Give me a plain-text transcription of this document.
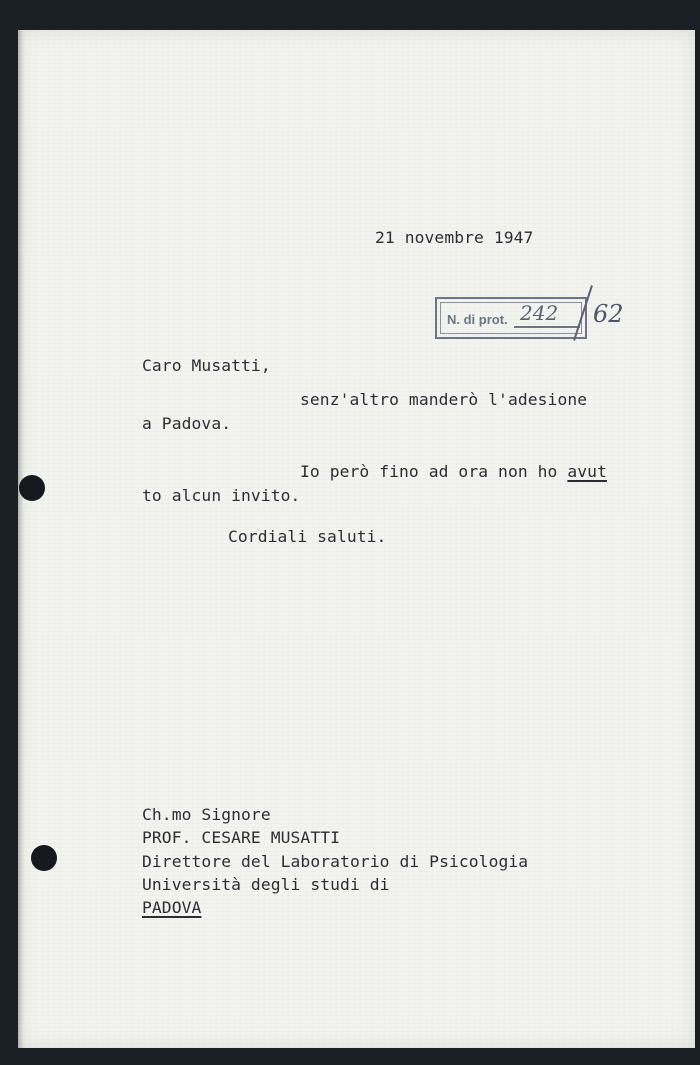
21 novembre 1947
N. di prot. 242 62
Caro Musatti,
senz'altro manderò l'adesione
a Padova.
Io però fino ad ora non ho avut
to alcun invito.
Cordiali saluti.
Ch.mo Signore
PROF. CESARE MUSATTI
Direttore del Laboratorio di Psicologia
Università degli studi di
PADOVA
